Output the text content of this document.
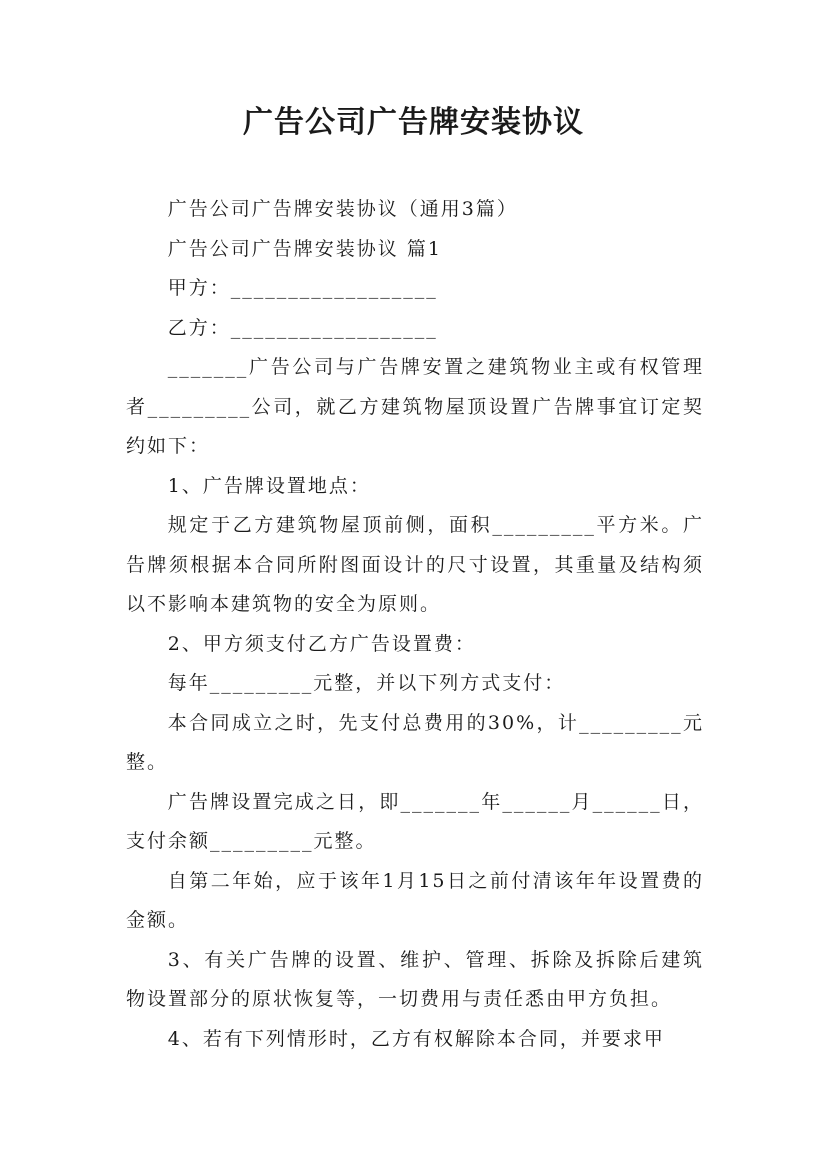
广告公司广告牌安装协议

广告公司广告牌安装协议（通用3篇）

广告公司广告牌安装协议 篇1

甲方：__________________

乙方：__________________

_______广告公司与广告牌安置之建筑物业主或有权管理者_________公司，就乙方建筑物屋顶设置广告牌事宜订定契约如下：

1、广告牌设置地点：

规定于乙方建筑物屋顶前侧，面积_________平方米。广告牌须根据本合同所附图面设计的尺寸设置，其重量及结构须以不影响本建筑物的安全为原则。

2、甲方须支付乙方广告设置费：

每年_________元整，并以下列方式支付：

本合同成立之时，先支付总费用的30%，计_________元整。

广告牌设置完成之日，即_______年______月______日，支付余额_________元整。

自第二年始，应于该年1月15日之前付清该年年设置费的金额。

3、有关广告牌的设置、维护、管理、拆除及拆除后建筑物设置部分的原状恢复等，一切费用与责任悉由甲方负担。

4、若有下列情形时，乙方有权解除本合同，并要求甲
